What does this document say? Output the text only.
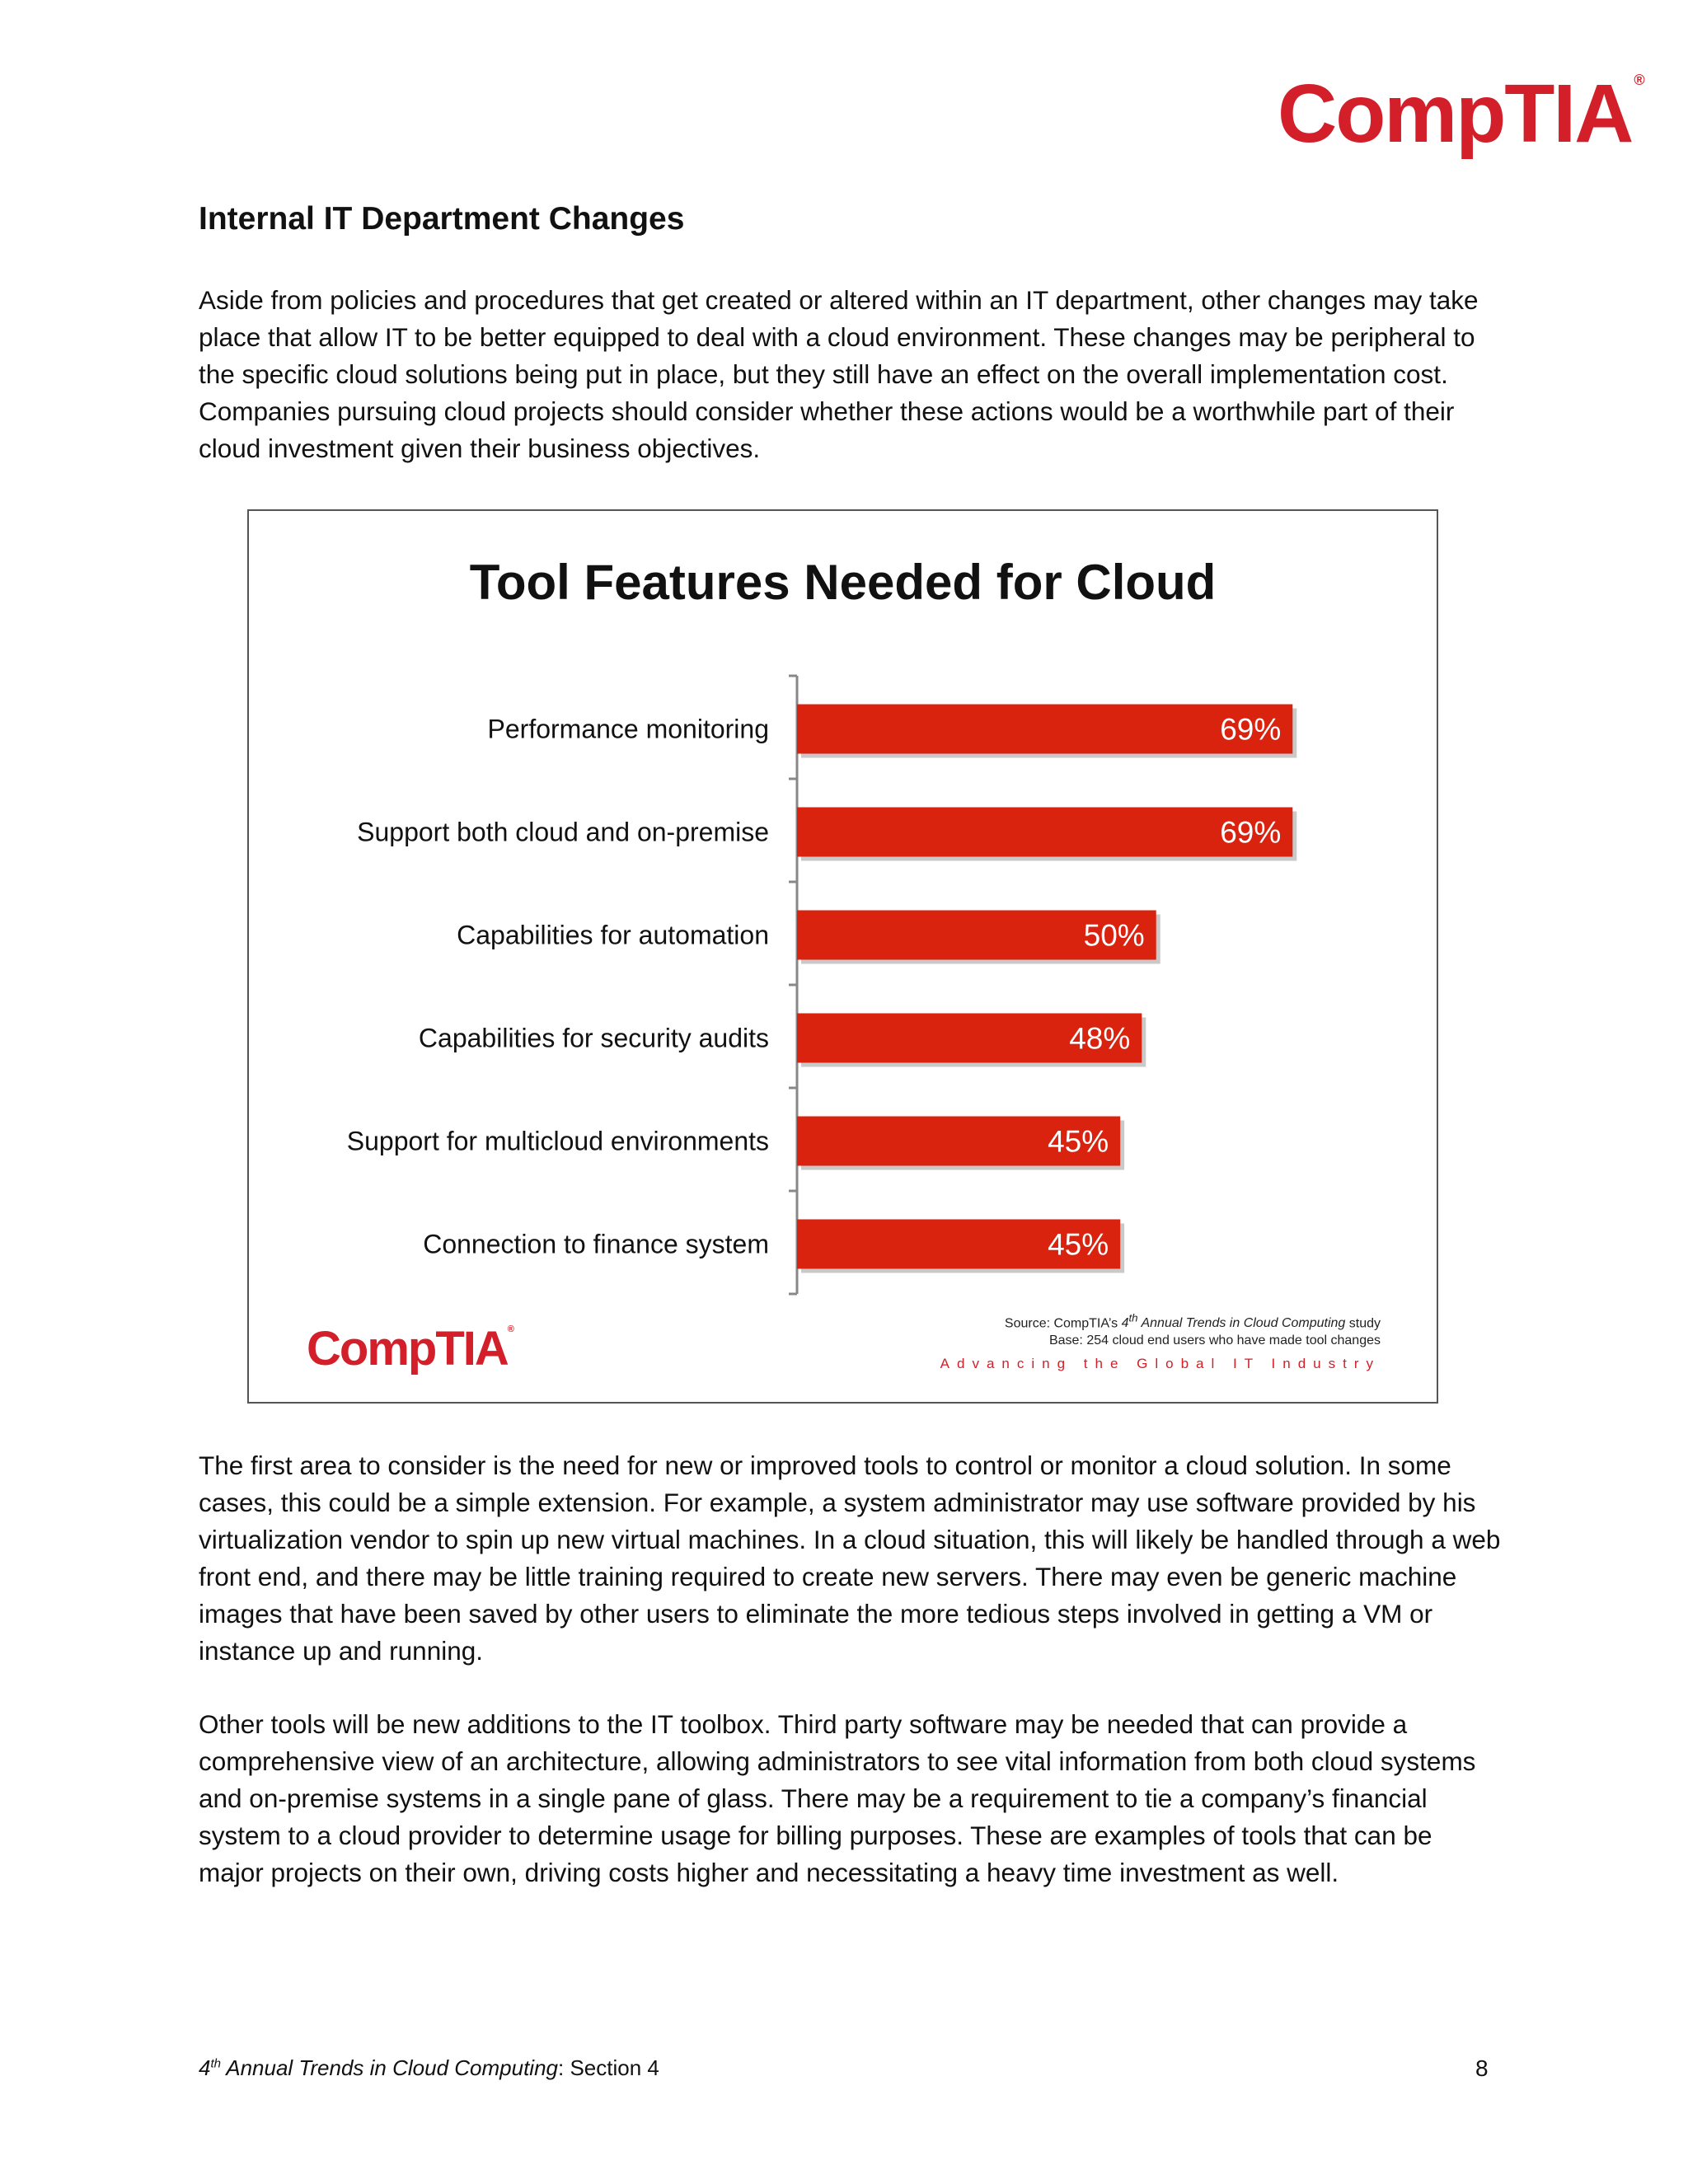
CompTIA ®
Internal IT Department Changes

Aside from policies and procedures that get created or altered within an IT department, other changes may take place that allow IT to be better equipped to deal with a cloud environment. These changes may be peripheral to the specific cloud solutions being put in place, but they still have an effect on the overall implementation cost. Companies pursuing cloud projects should consider whether these actions would be a worthwhile part of their cloud investment given their business objectives.

Tool Features Needed for Cloud
69%
Performance monitoring
69%
Support both cloud and on-premise
50%
Capabilities for automation
48%
Capabilities for security audits
45%
Support for multicloud environments
45%
Connection to finance system
Source: CompTIA’s 4th Annual Trends in Cloud Computing study
Base: 254 cloud end users who have made tool changes
Advancing the Global IT Industry
CompTIA®

The first area to consider is the need for new or improved tools to control or monitor a cloud solution. In some cases, this could be a simple extension. For example, a system administrator may use software provided by his virtualization vendor to spin up new virtual machines. In a cloud situation, this will likely be handled through a web front end, and there may be little training required to create new servers. There may even be generic machine images that have been saved by other users to eliminate the more tedious steps involved in getting a VM or instance up and running.

Other tools will be new additions to the IT toolbox. Third party software may be needed that can provide a comprehensive view of an architecture, allowing administrators to see vital information from both cloud systems and on-premise systems in a single pane of glass. There may be a requirement to tie a company’s financial system to a cloud provider to determine usage for billing purposes. These are examples of tools that can be major projects on their own, driving costs higher and necessitating a heavy time investment as well.

4th Annual Trends in Cloud Computing: Section 4	8
